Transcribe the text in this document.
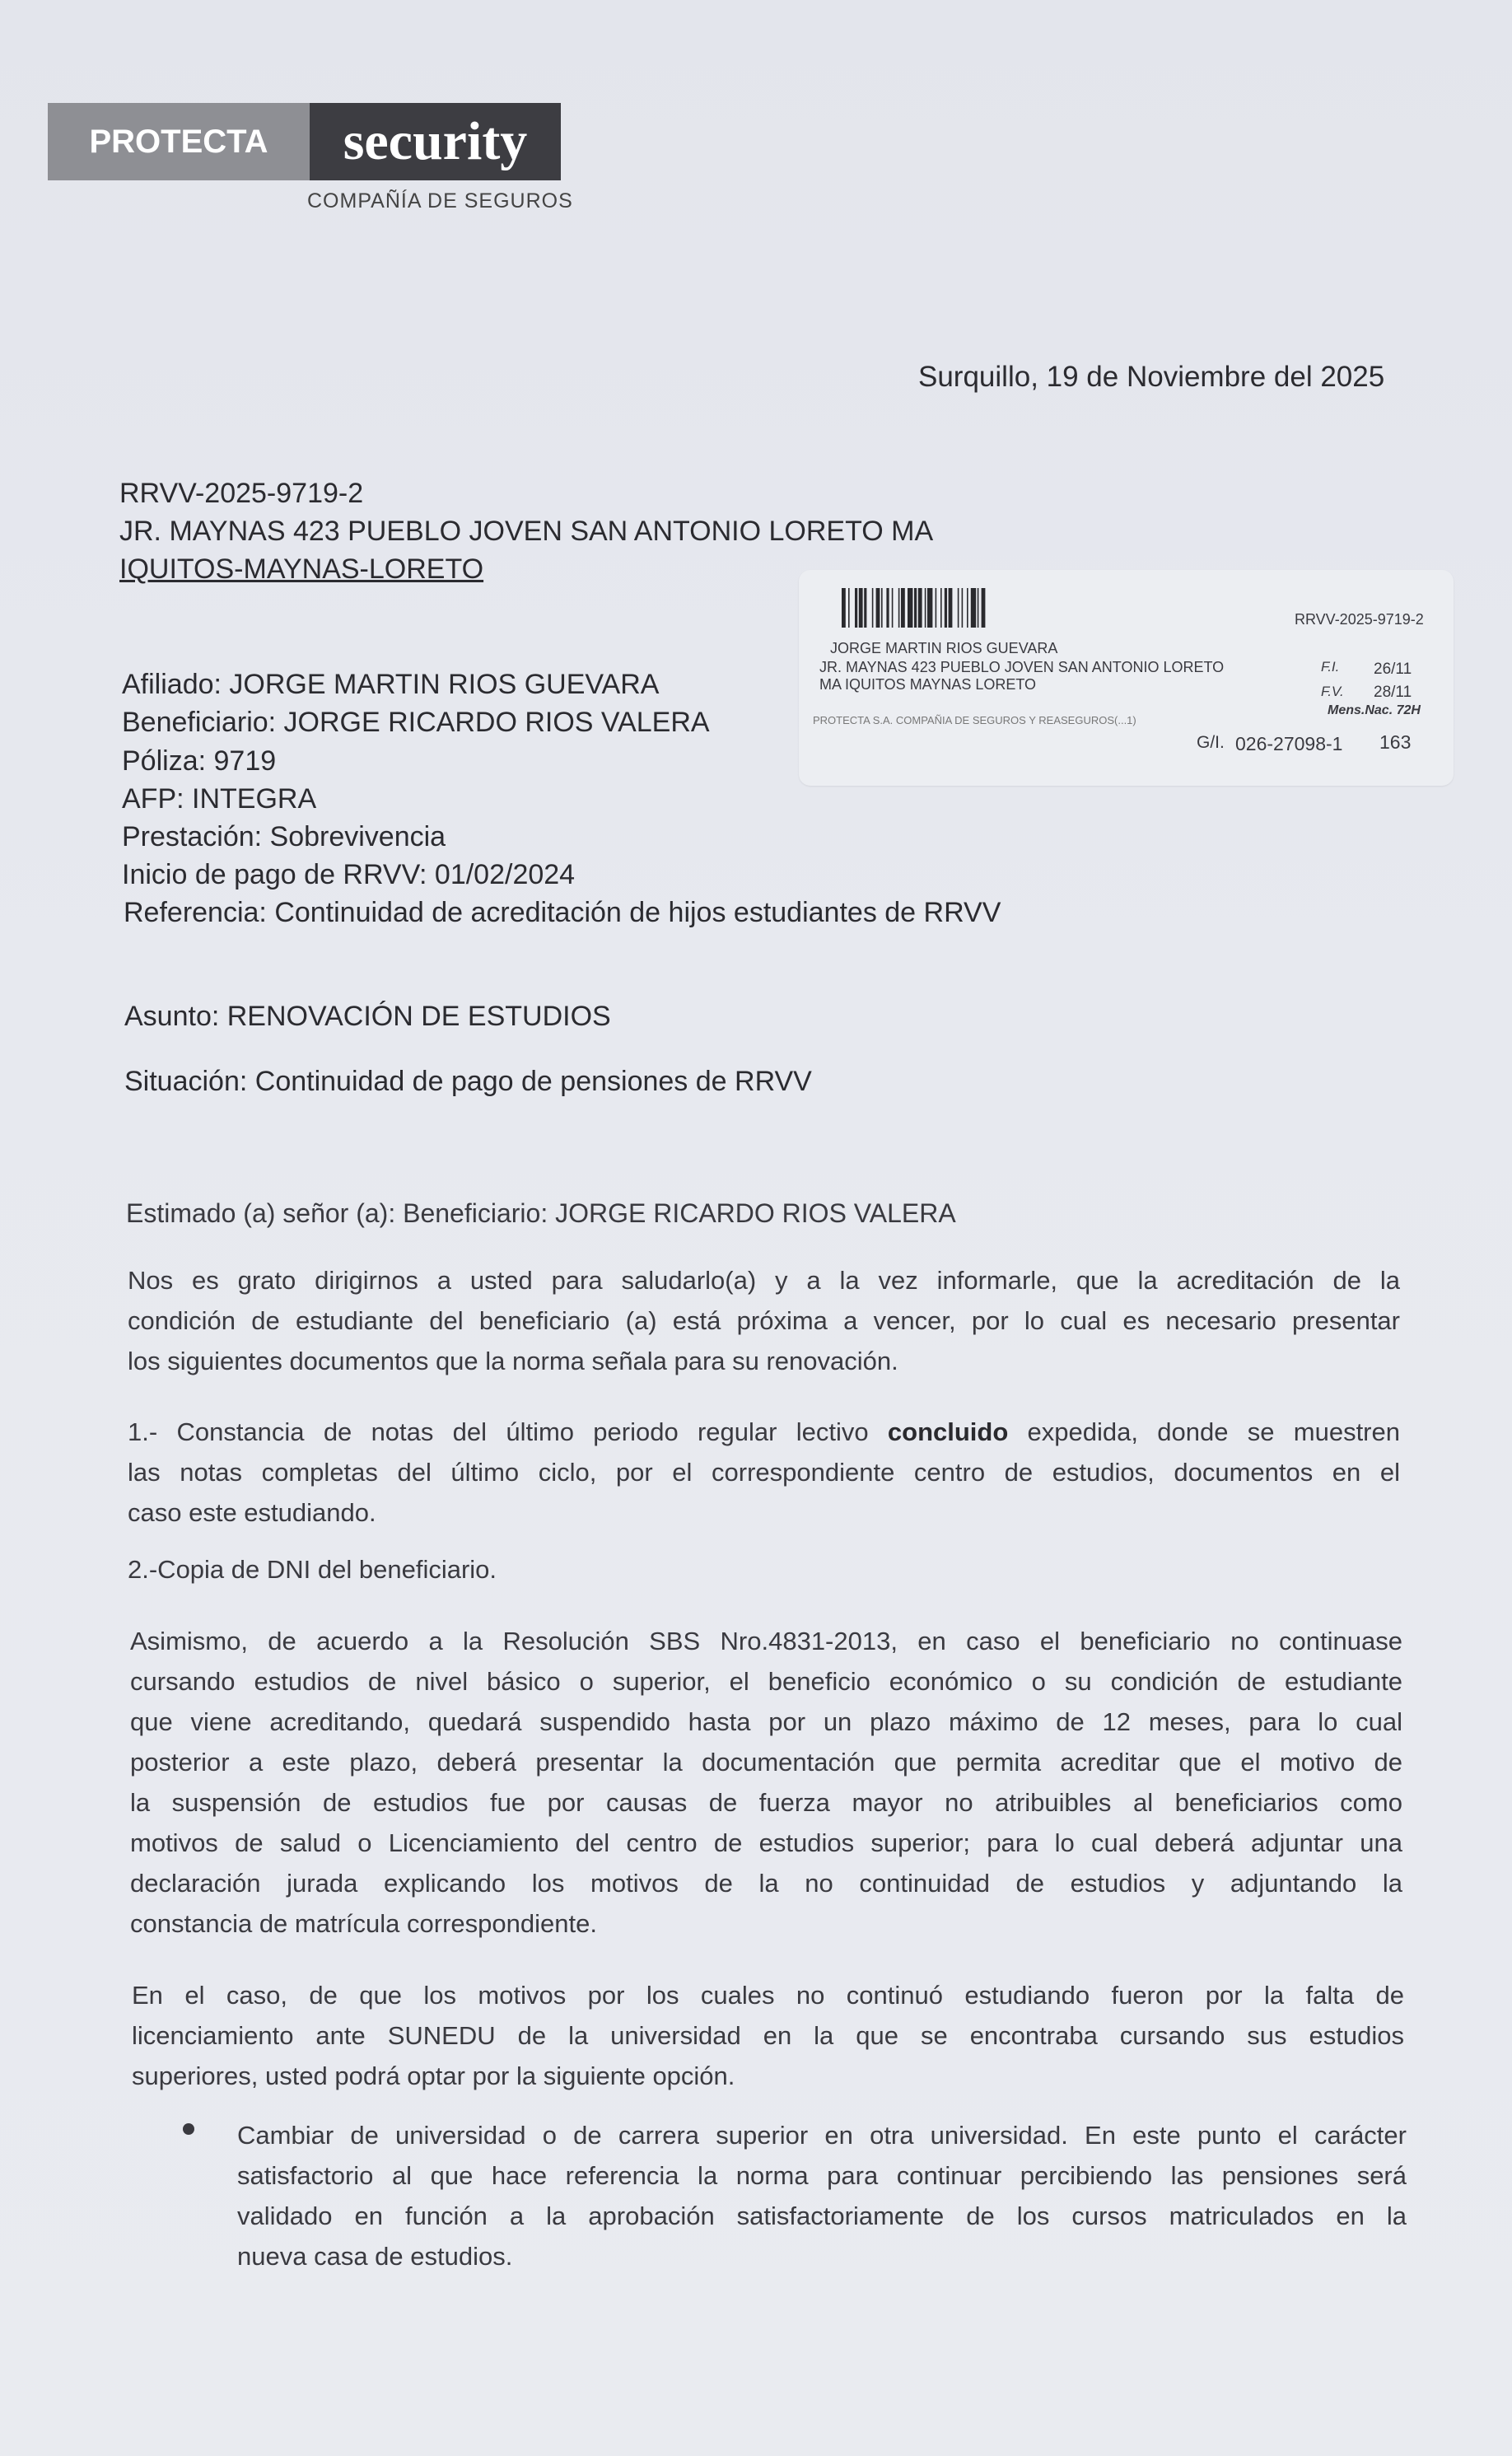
PROTECTA	security
COMPAÑÍA DE SEGUROS
Surquillo, 19 de Noviembre del 2025
RRVV-2025-9719-2
JR. MAYNAS 423 PUEBLO JOVEN SAN ANTONIO LORETO MA
IQUITOS-MAYNAS-LORETO
RRVV-2025-9719-2
JORGE MARTIN RIOS GUEVARA
JR. MAYNAS 423 PUEBLO JOVEN SAN ANTONIO LORETO
MA IQUITOS MAYNAS LORETO
PROTECTA S.A. COMPAÑIA DE SEGUROS Y REASEGUROS(...1)
F.I. 26/11
F.V. 28/11
Mens.Nac. 72H
G/I. 026-27098-1 163
Afiliado: JORGE MARTIN RIOS GUEVARA
Beneficiario: JORGE RICARDO RIOS VALERA
Póliza: 9719
AFP: INTEGRA
Prestación: Sobrevivencia
Inicio de pago de RRVV: 01/02/2024
Referencia: Continuidad de acreditación de hijos estudiantes de RRVV
Asunto: RENOVACIÓN DE ESTUDIOS
Situación: Continuidad de pago de pensiones de RRVV
Estimado (a) señor (a): Beneficiario: JORGE RICARDO RIOS VALERA
Nos es grato dirigirnos a usted para saludarlo(a) y a la vez informarle, que la acreditación de la
condición de estudiante del beneficiario (a) está próxima a vencer, por lo cual es necesario presentar
los siguientes documentos que la norma señala para su renovación.
1.- Constancia de notas del último periodo regular lectivo concluido expedida, donde se muestren
las notas completas del último ciclo, por el correspondiente centro de estudios, documentos en el
caso este estudiando.
2.-Copia de DNI del beneficiario.
Asimismo, de acuerdo a la Resolución SBS Nro.4831-2013, en caso el beneficiario no continuase
cursando estudios de nivel básico o superior, el beneficio económico o su condición de estudiante
que viene acreditando, quedará suspendido hasta por un plazo máximo de 12 meses, para lo cual
posterior a este plazo, deberá presentar la documentación que permita acreditar que el motivo de
la suspensión de estudios fue por causas de fuerza mayor no atribuibles al beneficiarios como
motivos de salud o Licenciamiento del centro de estudios superior; para lo cual deberá adjuntar una
declaración jurada explicando los motivos de la no continuidad de estudios y adjuntando la
constancia de matrícula correspondiente.
En el caso, de que los motivos por los cuales no continuó estudiando fueron por la falta de
licenciamiento ante SUNEDU de la universidad en la que se encontraba cursando sus estudios
superiores, usted podrá optar por la siguiente opción.
Cambiar de universidad o de carrera superior en otra universidad. En este punto el carácter
satisfactorio al que hace referencia la norma para continuar percibiendo las pensiones será
validado en función a la aprobación satisfactoriamente de los cursos matriculados en la
nueva casa de estudios.
